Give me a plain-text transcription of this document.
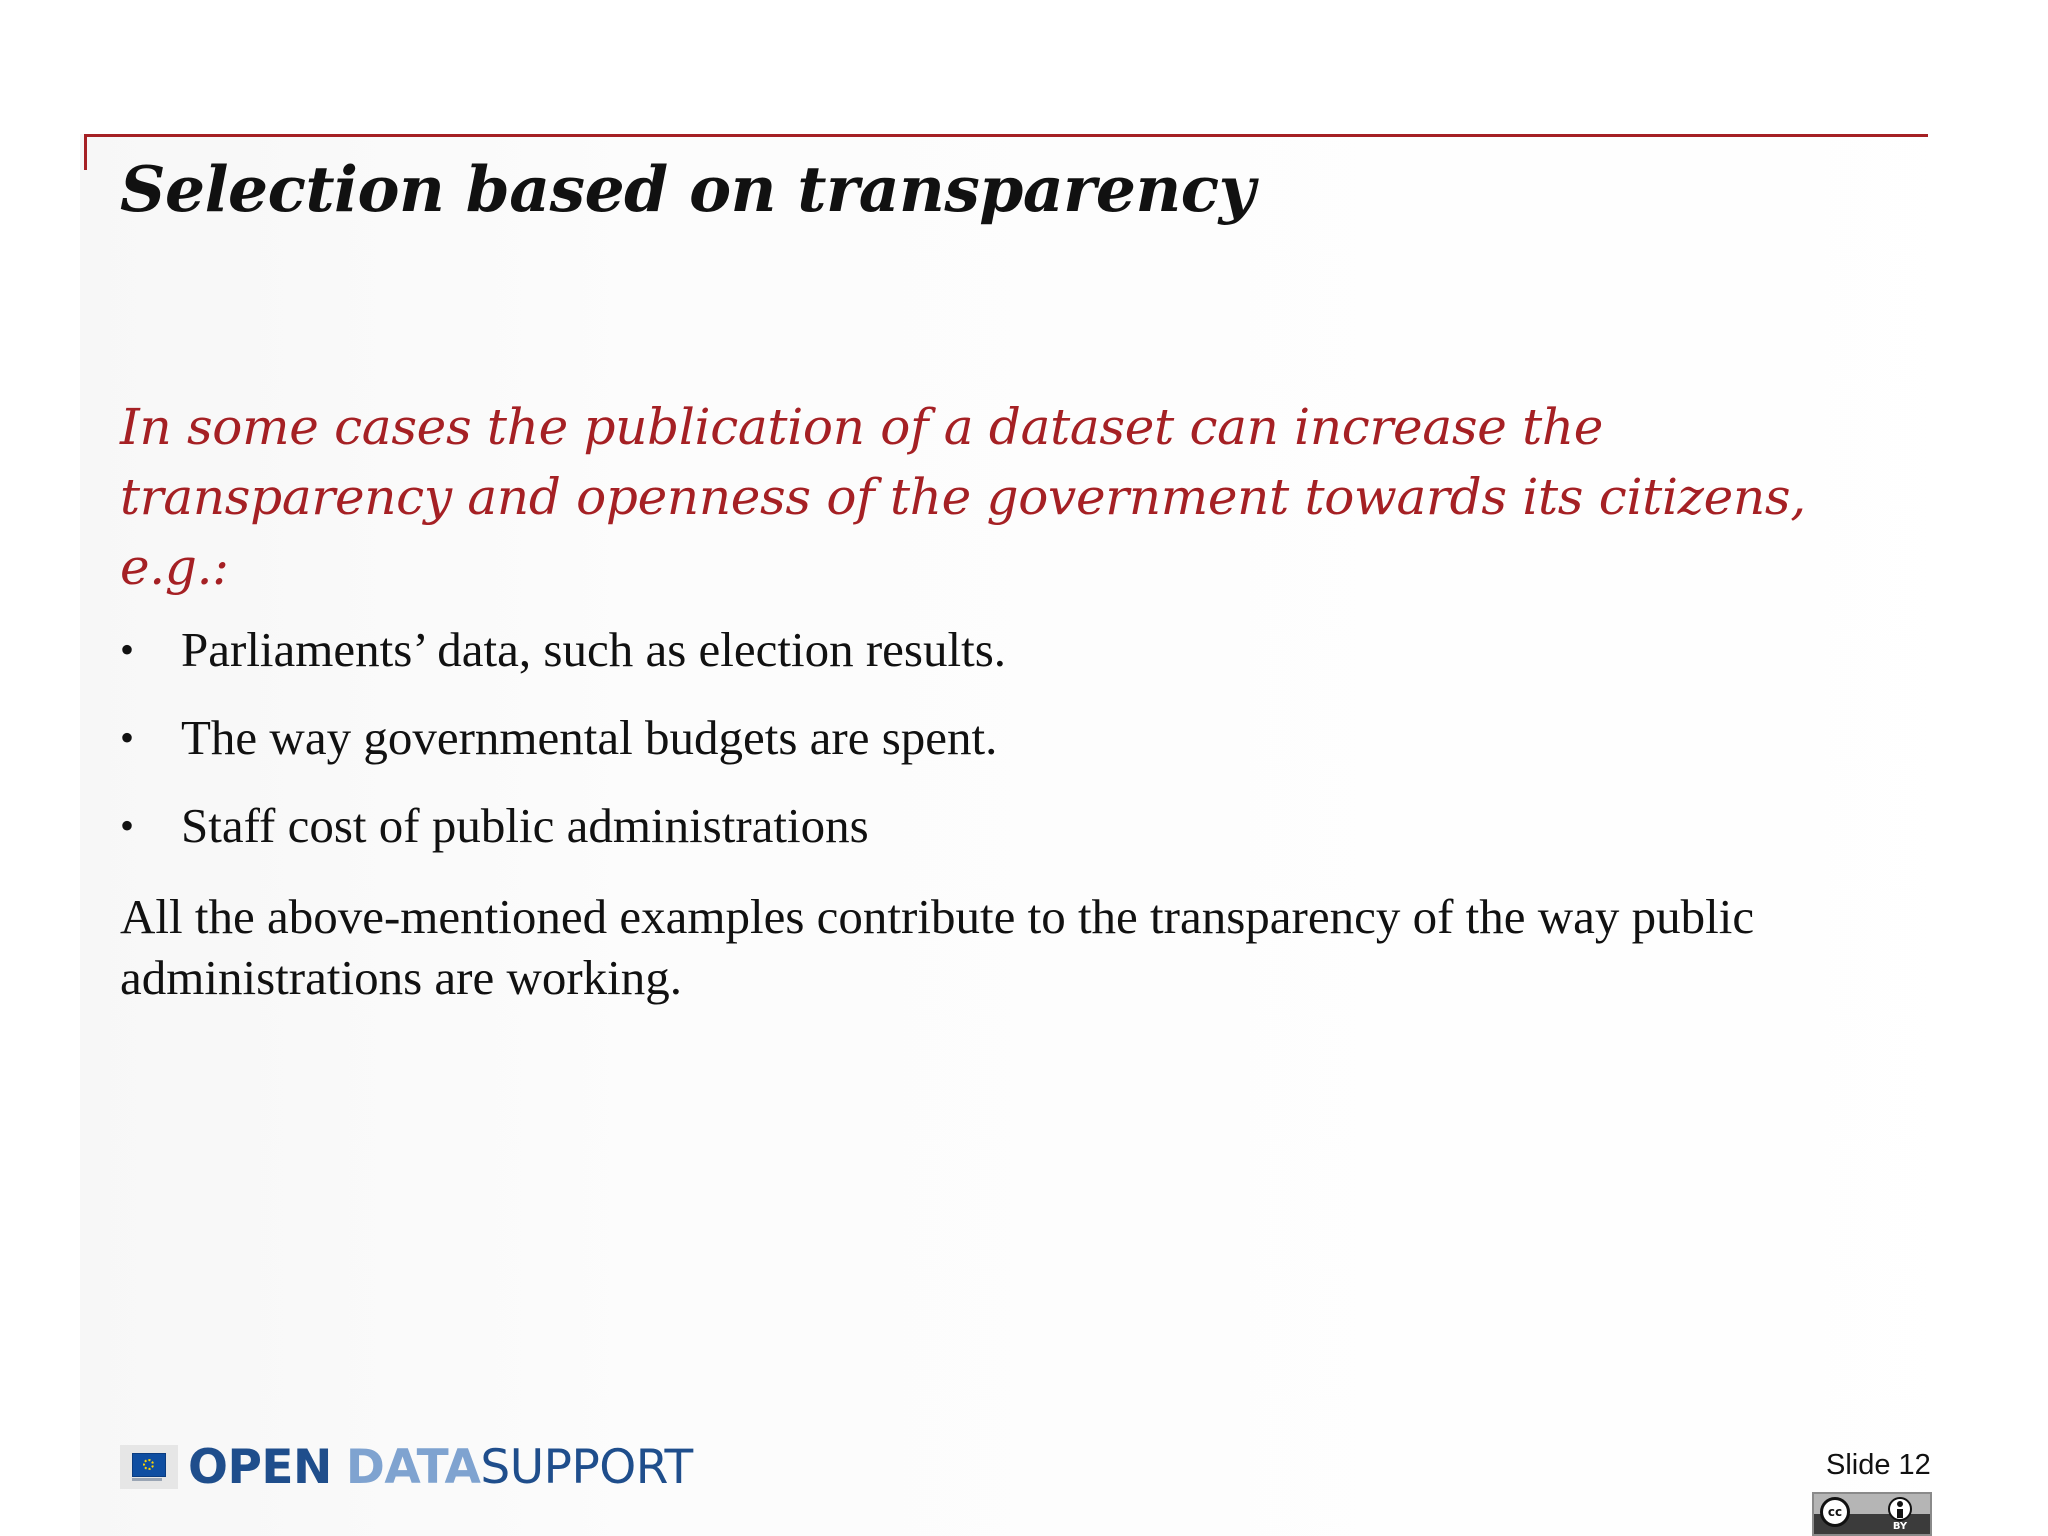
Selection based on transparency

In some cases the publication of a dataset can increase the transparency and openness of the government towards its citizens, e.g.:

• Parliaments’ data, such as election results.
• The way governmental budgets are spent.
• Staff cost of public administrations

All the above-mentioned examples contribute to the transparency of the way public administrations are working.

OPEN DATASUPPORT	Slide 12
cc
BY
